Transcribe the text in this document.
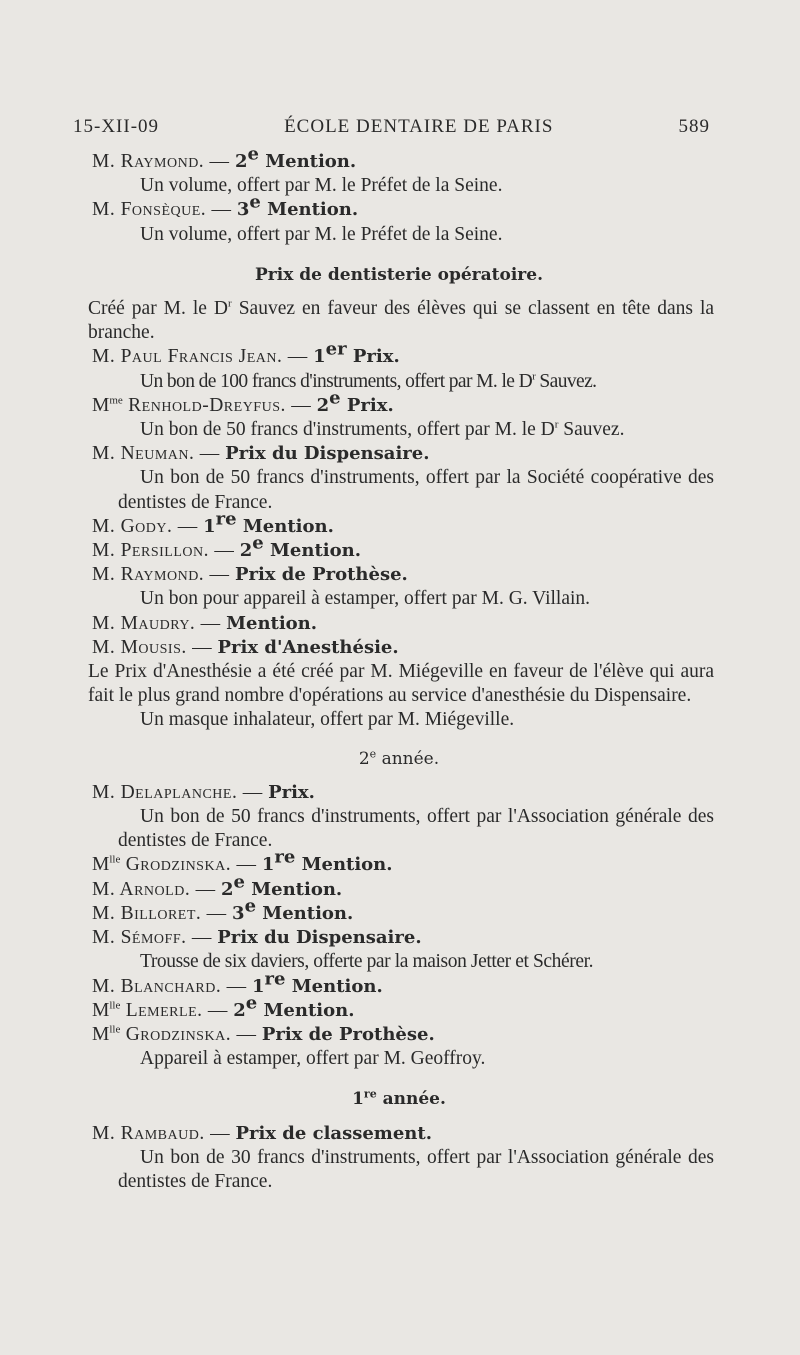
15-XII-09	ÉCOLE DENTAIRE DE PARIS	589
M. Raymond. — 2e Mention.
Un volume, offert par M. le Préfet de la Seine.
M. Fonsèque. — 3e Mention.
Un volume, offert par M. le Préfet de la Seine.
Prix de dentisterie opératoire.
Créé par M. le $D^r$ Sauvez en faveur des élèves qui se classent en tête dans la branche.
M. Paul Francis Jean. — 1er Prix.
Un bon de 100 francs d'instruments, offert par M. le $D^r$ Sauvez.
$M^{me}$ Renhold-Dreyfus. — 2e Prix.
Un bon de 50 francs d'instruments, offert par M. le $D^r$ Sauvez.
M. Neuman. — Prix du Dispensaire.
Un bon de 50 francs d'instruments, offert par la Société coopérative des dentistes de France.
M. Gody. — 1re Mention.
M. Persillon. — 2e Mention.
M. Raymond. — Prix de Prothèse.
Un bon pour appareil à estamper, offert par M. G. Villain.
M. Maudry. — Mention.
M. Mousis. — Prix d'Anesthésie.
Le Prix d'Anesthésie a été créé par M. Miégeville en faveur de l'élève qui aura fait le plus grand nombre d'opérations au service d'anesthésie du Dispensaire.
Un masque inhalateur, offert par M. Miégeville.
2e année.
M. Delaplanche. — Prix.
Un bon de 50 francs d'instruments, offert par l'Association générale des dentistes de France.
$M^{lle}$ Grodzinska. — 1re Mention.
M. Arnold. — 2e Mention.
M. Billoret. — 3e Mention.
M. Sémoff. — Prix du Dispensaire.
Trousse de six daviers, offerte par la maison Jetter et Schérer.
M. Blanchard. — 1re Mention.
$M^{lle}$ Lemerle. — 2e Mention.
$M^{lle}$ Grodzinska. — Prix de Prothèse.
Appareil à estamper, offert par M. Geoffroy.
1re année.
M. Rambaud. — Prix de classement.
Un bon de 30 francs d'instruments, offert par l'Association générale des dentistes de France.
